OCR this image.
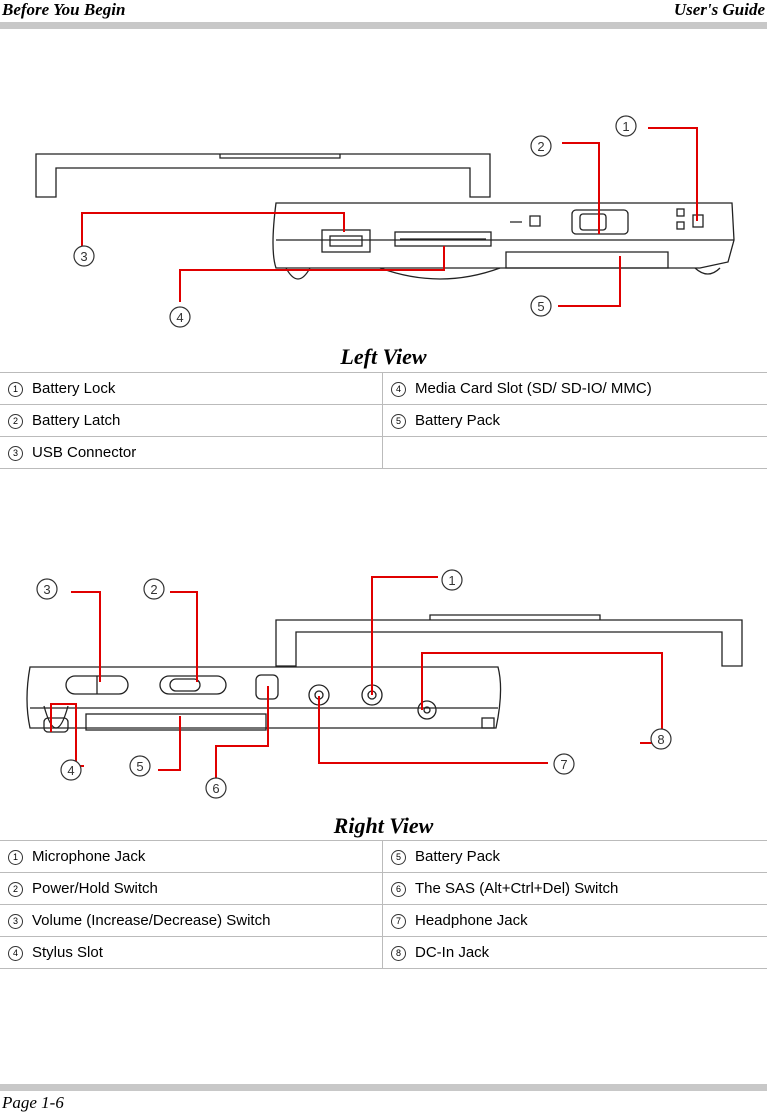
Before You Begin	User's Guide
1
2
3
4
5
Left View
1 Battery Lock	4 Media Card Slot (SD/ SD-IO/ MMC)
2 Battery Latch	5 Battery Pack
3 USB Connector	
1
2
3
4	5
6
7
8
Right View
1 Microphone Jack	5 Battery Pack
2 Power/Hold Switch	6 The SAS (Alt+Ctrl+Del) Switch
3 Volume (Increase/Decrease) Switch	7 Headphone Jack
4 Stylus Slot	8 DC-In Jack
Page 1-6
